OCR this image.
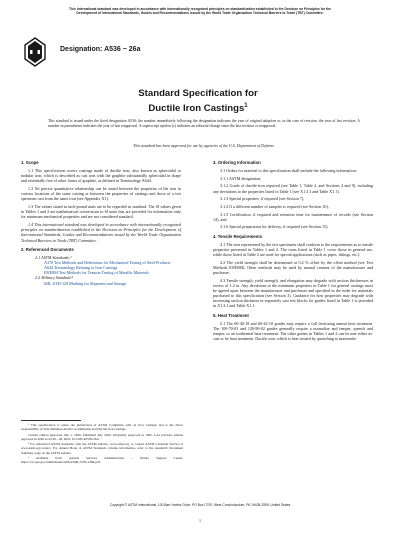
This international standard was developed in accordance with internationally recognized principles on standardization established in the Decision on Principles for the Development of International Standards, Guides and Recommendations issued by the World Trade Organization Technical Barriers to Trade (TBT) Committee.
Designation: A536 − 26a
Standard Specification for
Ductile Iron Castings$^1$
This standard is issued under the fixed designation A536; the number immediately following the designation indicates the year of original adoption or, in the case of revision, the year of last revision. A number in parentheses indicates the year of last reapproval. A superscript epsilon (ε) indicates an editorial change since the last revision or reapproval.
This standard has been approved for use by agencies of the U.S. Department of Defense.
1. Scope

1.1 This specification covers castings made of ductile iron, also known as spheroidal or nodular iron, which is described as cast iron with the graphite substantially spheroidal in shape and essentially free of other forms of graphite, as defined in Terminology A644.

1.2 No precise quantitative relationship can be stated between the properties of the iron in various locations of the same casting or between the properties of castings and those of a test specimen cast from the same iron (see Appendix X1).

1.3 The values stated in inch-pound units are to be regarded as standard. The SI values given in Tables 1 and 2 are mathematical conversions to SI units that are provided for information only for minimum mechanical properties and are not considered standard.

1.4 This international standard was developed in accordance with internationally recognized principles on standardization established in the Decision on Principles for the Development of International Standards, Guides and Recommendations issued by the World Trade Organization Technical Barriers to Trade (TBT) Committee.

2. Referenced Documents

2.1 ASTM Standards:²

A370 Test Methods and Definitions for Mechanical Testing of Steel Products

A644 Terminology Relating to Iron Castings

E8/E8M Test Methods for Tension Testing of Metallic Materials

2.2 Military Standard:³

MIL-STD-129 Marking for Shipment and Storage

¹ This specification is under the jurisdiction of ASTM Committee A04 on Iron Castings and is the direct responsibility of Subcommittee A04.02 on Malleable and Ductile Iron Castings.

Current edition approved July 1, 2026. Published July 2026. Originally approved in 1965. Last previous edition approved in 2026 as A536 – 26. DOI: 10.1520/A0536-26A.

² For referenced ASTM standards, visit the ASTM website, www.astm.org, or contact ASTM Customer Service at www.astm.org/contact. For Annual Book of ASTM Standards volume information, refer to the standard's Document Summary page on the ASTM website.

³ Available from General Services Administration – Vendor Support Center, https://vsc.gsa.gov/administration/files/MIL-STD-129R.pdf.

3. Ordering Information

3.1 Orders for material to this specification shall include the following information:

3.1.1 ASTM designation,

3.1.2 Grade of ductile iron required (see Table 1, Table 2, and Sections 4 and 9), including any deviations to the properties listed in Table 1 (see X1.3.1 and Table X1.1).

3.1.3 Special properties, if required (see Section 7),

3.1.4 If a different number of samples is required (see Section 10),

3.1.5 Certification, if required and retention time for maintenance of records (see Section 14), and

3.1.6 Special preparation for delivery, if required (see Section 15).

4. Tensile Requirements

4.1 The iron represented by the test specimens shall conform to the requirements as to tensile properties presented in Tables 1 and 2. The irons listed in Table 1 cover those in general use, while those listed in Table 2 are used for special applications (such as pipes, fittings, etc.).

4.2 The yield strength shall be determined at 0.2 % offset by the offset method (see Test Methods E8/E8M). Other methods may be used by mutual consent of the manufacturer and purchaser.

4.3 Tensile strength, yield strength, and elongation may degrade with section thicknesses in excess of 1.2 in. Any deviations to the minimum properties in Table 1 for general castings must be agreed upon between the manufacturer and purchaser and specified in the order for materials purchased to this specification (see Section 3). Guidance for how properties may degrade with increasing section thickness in separately cast test blocks for grades listed in Table 1 is provided in X1.3.1 and Table X1.1.

5. Heat Treatment

5.1 The 60-40-18 and 60-42-10 grades may require a full ferritizing anneal heat treatment. The 100-70-03 and 120-90-02 grades generally require a normalize and temper, quench and temper, or an isothermal heat treatment. The other grades in Tables 1 and 2 can be met either as-cast or by heat treatment. Ductile iron, which is heat treated by quenching to martensite

Copyright © ASTM International, 100 Barr Harbor Drive, PO Box C700, West Conshohocken, PA 19428-2959. United States
1
